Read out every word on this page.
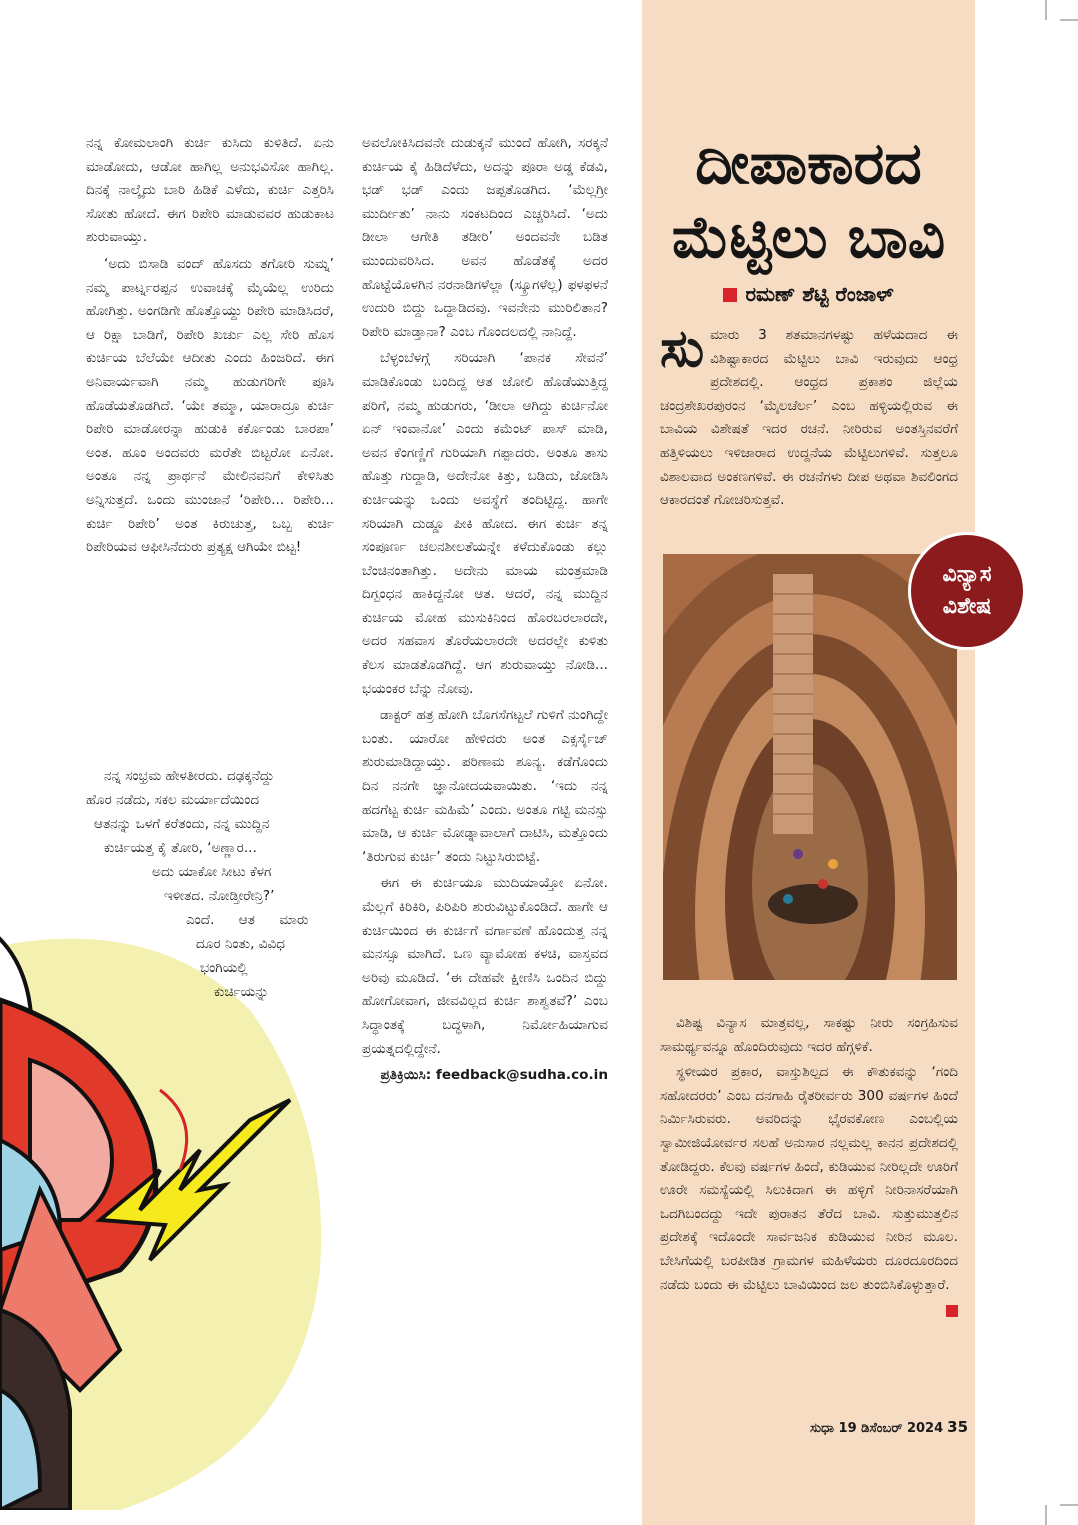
ನನ್ನ ಕೋಮಲಾಂಗಿ ಕುರ್ಚಿ ಕುಸಿದು ಕುಳಿತಿದೆ. ಏನು ಮಾಡೋದು, ಆಡೋ ಹಾಗಿಲ್ಲ ಅನುಭವಿಸೋ ಹಾಗಿಲ್ಲ. ದಿನಕ್ಕೆ ನಾಲ್ಕೈದು ಬಾರಿ ಹಿಡಿಕೆ ಎಳೆದು, ಕುರ್ಚಿ ಎತ್ತರಿಸಿ ಸೋತು ಹೋದೆ. ಈಗ ರಿಪೇರಿ ಮಾಡುವವರ ಹುಡುಕಾಟ ಶುರುವಾಯ್ತು.

‘ಅದು ಬಿಸಾಡಿ ವಂದ್ ಹೊಸದು ತಗೋರಿ ಸುಮ್ನ’ ನಮ್ಮ ಪಾರ್ಟ್ನರಪ್ಪನ ಉವಾಚಕ್ಕೆ ಮೈಯೆಲ್ಲ ಉರಿದು ಹೋಗಿತ್ತು. ಅಂಗಡಿಗೇ ಹೊತ್ತೊಯ್ದು ರಿಪೇರಿ ಮಾಡಿಸಿದರೆ, ಆ ರಿಕ್ಷಾ ಬಾಡಿಗೆ, ರಿಪೇರಿ ಖರ್ಚು ಎಲ್ಲ ಸೇರಿ ಹೊಸ ಕುರ್ಚಿಯ ಬೆಲೆಯೇ ಆದೀತು ಎಂದು ಹಿಂಜರಿದೆ. ಈಗ ಅನಿವಾರ್ಯವಾಗಿ ನಮ್ಮ ಹುಡುಗರಿಗೇ ಪೂಸಿ ಹೊಡೆಯತೊಡಗಿದೆ. ‘ಯೇ ತಮ್ಮಾ, ಯಾರಾದ್ರೂ ಕುರ್ಚಿ ರಿಪೇರಿ ಮಾಡೋರನ್ನಾ ಹುಡುಕಿ ಕರ್ಕೊಂಡು ಬಾರಪಾ’ ಅಂತ. ಹೂಂ ಅಂದವರು ಮರೆತೇ ಬಿಟ್ಟರೋ ಏನೋ. ಅಂತೂ ನನ್ನ ಪ್ರಾರ್ಥನೆ ಮೇಲಿನವನಿಗೆ ಕೇಳಿಸಿತು ಅನ್ನಿಸುತ್ತದೆ. ಒಂದು ಮುಂಜಾನೆ ‘ರಿಪೇರಿ... ರಿಪೇರಿ... ಕುರ್ಚಿ ರಿಪೇರಿ’ ಅಂತ ಕಿರುಚುತ್ತ, ಒಬ್ಬ ಕುರ್ಚಿ ರಿಪೇರಿಯವ ಆಫೀಸಿನೆದುರು ಪ್ರತ್ಯಕ್ಷ ಆಗಿಯೇ ಬಿಟ್ಟ!

ನನ್ನ ಸಂಭ್ರಮ ಹೇಳತೀರದು. ದಢಕ್ಕನೆದ್ದು
ಹೊರ ನಡೆದು, ಸಕಲ ಮರ್ಯಾದೆಯಿಂದ
ಆತನನ್ನು ಒಳಗೆ ಕರೆತಂದು, ನನ್ನ ಮುದ್ದಿನ
ಕುರ್ಚಿಯತ್ತ ಕೈ ತೋರಿ, ‘ಅಣ್ಣಾರ...
ಅದು ಯಾಕೋ ಸೀಟು ಕೆಳಗ
ಇಳೀತದ. ನೋಡ್ತೀರೇನ್ರಿ?’
ಎಂದೆ. ಆತ ಮಾರು
ದೂರ ನಿಂತು, ವಿವಿಧ
ಭಂಗಿಯಲ್ಲಿ
ಕುರ್ಚಿಯನ್ನು

ಅವಲೋಕಿಸಿದವನೇ ದುಡುಕ್ಕನೆ ಮುಂದೆ ಹೋಗಿ, ಸರಕ್ಕನೆ ಕುರ್ಚಿಯ ಕೈ ಹಿಡಿದೆಳೆದು, ಅದನ್ನು ಪೂರಾ ಅಡ್ಡ ಕೆಡವಿ, ಭಡ್ ಭಡ್ ಎಂದು ಜಪ್ಪತೊಡಗಿದ. ‘ಮೆಲ್ಲಗ್ರೀ ಮುರ್ದೀತು’ ನಾನು ಸಂಕಟದಿಂದ ಎಚ್ಚರಿಸಿದೆ. ‘ಅದು ಡೀಲಾ ಆಗೇತಿ ತಡೀರಿ’ ಅಂದವನೇ ಬಡಿತ ಮುಂದುವರಿಸಿದ. ಅವನ ಹೊಡೆತಕ್ಕೆ ಅದರ ಹೊಟ್ಟೆಯೊಳಗಿನ ನರನಾಡಿಗಳೆಲ್ಲಾ (ಸ್ಕ್ರೂಗಳೆಲ್ಲ) ಫಳಫಳನೆ ಉದುರಿ ಬಿದ್ದು ಒದ್ದಾಡಿದವು. ಇವನೇನು ಮುರಿಲಿತಾನ? ರಿಪೇರಿ ಮಾಡ್ತಾನಾ? ಎಂಬ ಗೊಂದಲದಲ್ಲಿ ನಾನಿದ್ದೆ.

ಬೆಳ್ಳಂಬೆಳಗ್ಗೆ ಸರಿಯಾಗಿ ‘ಪಾನಕ ಸೇವನೆ’ ಮಾಡಿಕೊಂಡು ಬಂದಿದ್ದ ಆತ ಜೋಲಿ ಹೊಡೆಯುತ್ತಿದ್ದ ಪರಿಗೆ, ನಮ್ಮ ಹುಡುಗರು, ‘ಡೀಲಾ ಆಗಿದ್ದು ಕುರ್ಚಿನೋ ಏನ್ ಇಂವಾನೋ’ ಎಂದು ಕಮೆಂಟ್ ಪಾಸ್ ಮಾಡಿ, ಅವನ ಕೆಂಗಣ್ಣಿಗೆ ಗುರಿಯಾಗಿ ಗಪ್ಪಾದರು. ಅಂತೂ ತಾಸು ಹೊತ್ತು ಗುದ್ದಾಡಿ, ಅದೇನೋ ಕಿತ್ತು, ಬಡಿದು, ಜೋಡಿಸಿ ಕುರ್ಚಿಯನ್ನು ಒಂದು ಅವಸ್ಥೆಗೆ ತಂದಿಟ್ಟಿದ್ದ. ಹಾಗೇ ಸರಿಯಾಗಿ ದುಡ್ಡೂ ಪೀಕಿ ಹೋದ. ಈಗ ಕುರ್ಚಿ ತನ್ನ ಸಂಪೂರ್ಣ ಚಲನಶೀಲತೆಯನ್ನೇ ಕಳೆದುಕೊಂಡು ಕಲ್ಲು ಬೆಂಚಿನಂತಾಗಿತ್ತು. ಅದೇನು ಮಾಯ ಮಂತ್ರಮಾಡಿ ದಿಗ್ಬಂಧನ ಹಾಕಿದ್ದನೋ ಆತ. ಆದರೆ, ನನ್ನ ಮುದ್ದಿನ ಕುರ್ಚಿಯ ಮೋಹ ಮುಸುಕಿನಿಂದ ಹೊರಬರಲಾರದೇ, ಅದರ ಸಹವಾಸ ತೊರೆಯಲಾರದೇ ಅದರಲ್ಲೇ ಕುಳಿತು ಕೆಲಸ ಮಾಡತೊಡಗಿದ್ದೆ. ಆಗ ಶುರುವಾಯ್ತು ನೋಡಿ... ಭಯಂಕರ ಬೆನ್ನು ನೋವು.

ಡಾಕ್ಟರ್ ಹತ್ರ ಹೋಗಿ ಬೊಗಸೆಗಟ್ಟಲೆ ಗುಳಿಗೆ ನುಂಗಿದ್ದೇ ಬಂತು. ಯಾರೋ ಹೇಳಿದರು ಅಂತ ಎಕ್ಸರ್ಸೈಜ್ ಶುರುಮಾಡಿದ್ದಾಯ್ತು. ಪರಿಣಾಮ ಶೂನ್ಯ. ಕಡೆಗೊಂದು ದಿನ ನನಗೇ ಜ್ಞಾನೋದಯವಾಯಿತು. ‘ಇದು ನನ್ನ ಹದಗೆಟ್ಟ ಕುರ್ಚಿ ಮಹಿಮೆ’ ಎಂದು. ಅಂತೂ ಗಟ್ಟಿ ಮನಸ್ಸು ಮಾಡಿ, ಆ ಕುರ್ಚಿ ಮೋಡ್ನಾವಾಲಾಗೆ ದಾಟಿಸಿ, ಮತ್ತೊಂದು ‘ತಿರುಗುವ ಕುರ್ಚಿ’ ತಂದು ನಿಟ್ಟುಸಿರುಬಿಟ್ಟೆ.

ಈಗ ಈ ಕುರ್ಚಿಯೂ ಮುದಿಯಾಯ್ತೋ ಏನೋ. ಮೆಲ್ಲಗೆ ಕಿರಿಕಿರಿ, ಪಿರಿಪಿರಿ ಶುರುವಿಟ್ಟುಕೊಂಡಿದೆ. ಹಾಗೇ ಆ ಕುರ್ಚಿಯಿಂದ ಈ ಕುರ್ಚಿಗೆ ವರ್ಗಾವಣೆ ಹೊಂದುತ್ತ ನನ್ನ ಮನಸ್ಸೂ ಮಾಗಿದೆ. ಒಣ ವ್ಯಾಮೋಹ ಕಳಚಿ, ವಾಸ್ತವದ ಅರಿವು ಮೂಡಿದೆ. ‘ಈ ದೇಹವೇ ಕ್ಷೀಣಿಸಿ ಒಂದಿನ ಬಿದ್ದು ಹೋಗೋವಾಗ, ಜೀವವಿಲ್ಲದ ಕುರ್ಚಿ ಶಾಶ್ವತವೆ?’ ಎಂಬ ಸಿದ್ಧಾಂತಕ್ಕೆ ಬದ್ಧಳಾಗಿ, ನಿರ್ಮೋಹಿಯಾಗುವ ಪ್ರಯತ್ನದಲ್ಲಿದ್ದೇನೆ.

ಪ್ರತಿಕ್ರಿಯಿಸಿ: feedback@sudha.co.in
ದೀಪಾಕಾರದ
ಮೆಟ್ಟಿಲು ಬಾವಿ
ರಮಣ್ ಶೆಟ್ಟಿ ರೆಂಜಾಳ್

ಸುಮಾರು 3 ಶತಮಾನಗಳಷ್ಟು ಹಳೆಯದಾದ ಈ ವಿಶಿಷ್ಟಾಕಾರದ ಮೆಟ್ಟಿಲು ಬಾವಿ ಇರುವುದು ಆಂಧ್ರ ಪ್ರದೇಶದಲ್ಲಿ. ಆಂಧ್ರದ ಪ್ರಕಾಶಂ ಜಿಲ್ಲೆಯ ಚಂದ್ರಶೇಖರಪುರಂನ ‘ಮೈಲಚೆರ್ಲ’ ಎಂಬ ಹಳ್ಳಿಯಲ್ಲಿರುವ ಈ ಬಾವಿಯ ವಿಶೇಷತೆ ಇದರ ರಚನೆ. ನೀರಿರುವ ಅಂತಸ್ತಿನವರೆಗೆ ಹತ್ತಿಳಿಯಲು ಇಳಿಜಾರಾದ ಉದ್ದನೆಯ ಮೆಟ್ಟಿಲುಗಳಿವೆ. ಸುತ್ತಲೂ ವಿಶಾಲವಾದ ಅಂಕಣಗಳಿವೆ. ಈ ರಚನೆಗಳು ದೀಪ ಅಥವಾ ಶಿವಲಿಂಗದ ಆಕಾರದಂತೆ ಗೋಚರಿಸುತ್ತವೆ.

ವಿಶಿಷ್ಟ ವಿನ್ಯಾಸ ಮಾತ್ರವಲ್ಲ, ಸಾಕಷ್ಟು ನೀರು ಸಂಗ್ರಹಿಸುವ ಸಾಮರ್ಥ್ಯವನ್ನೂ ಹೊಂದಿರುವುದು ಇದರ ಹೆಗ್ಗಳಿಕೆ.

ಸ್ಥಳೀಯರ ಪ್ರಕಾರ, ವಾಸ್ತುಶಿಲ್ಪದ ಈ ಕೌತುಕವನ್ನು ‘ಗಂದಿ ಸಹೋದರರು’ ಎಂಬ ದನಗಾಹಿ ರೈತರೀರ್ವರು 300 ವರ್ಷಗಳ ಹಿಂದೆ ನಿರ್ಮಿಸಿರುವರು. ಅವರಿದನ್ನು ಭೈರವಕೋಣ ಎಂಬಲ್ಲಿಯ ಸ್ವಾಮೀಜಿಯೋರ್ವರ ಸಲಹೆ ಅನುಸಾರ ನಲ್ಲಮಲ್ಲ ಕಾನನ ಪ್ರದೇಶದಲ್ಲಿ ತೋಡಿದ್ದರು. ಕೆಲವು ವರ್ಷಗಳ ಹಿಂದೆ, ಕುಡಿಯುವ ನೀರಿಲ್ಲದೇ ಊರಿಗೆ ಊರೇ ಸಮಸ್ಯೆಯಲ್ಲಿ ಸಿಲುಕಿದಾಗ ಈ ಹಳ್ಳಿಗೆ ನೀರಿನಾಸರೆಯಾಗಿ ಒದಗಿಬಂದದ್ದು ಇದೇ ಪುರಾತನ ತೆರೆದ ಬಾವಿ. ಸುತ್ತುಮುತ್ತಲಿನ ಪ್ರದೇಶಕ್ಕೆ ಇದೊಂದೇ ಸಾರ್ವಜನಿಕ ಕುಡಿಯುವ ನೀರಿನ ಮೂಲ. ಬೇಸಿಗೆಯಲ್ಲಿ ಬರಪೀಡಿತ ಗ್ರಾಮಗಳ ಮಹಿಳೆಯರು ದೂರದೂರದಿಂದ ನಡೆದು ಬಂದು ಈ ಮೆಟ್ಟಿಲು ಬಾವಿಯಿಂದ ಜಲ ತುಂಬಿಸಿಕೊಳ್ಳುತ್ತಾರೆ.

ವಿನ್ಯಾಸ
ವಿಶೇಷ
ಸುಧಾ 19 ಡಿಸೆಂಬರ್ 2024 35
